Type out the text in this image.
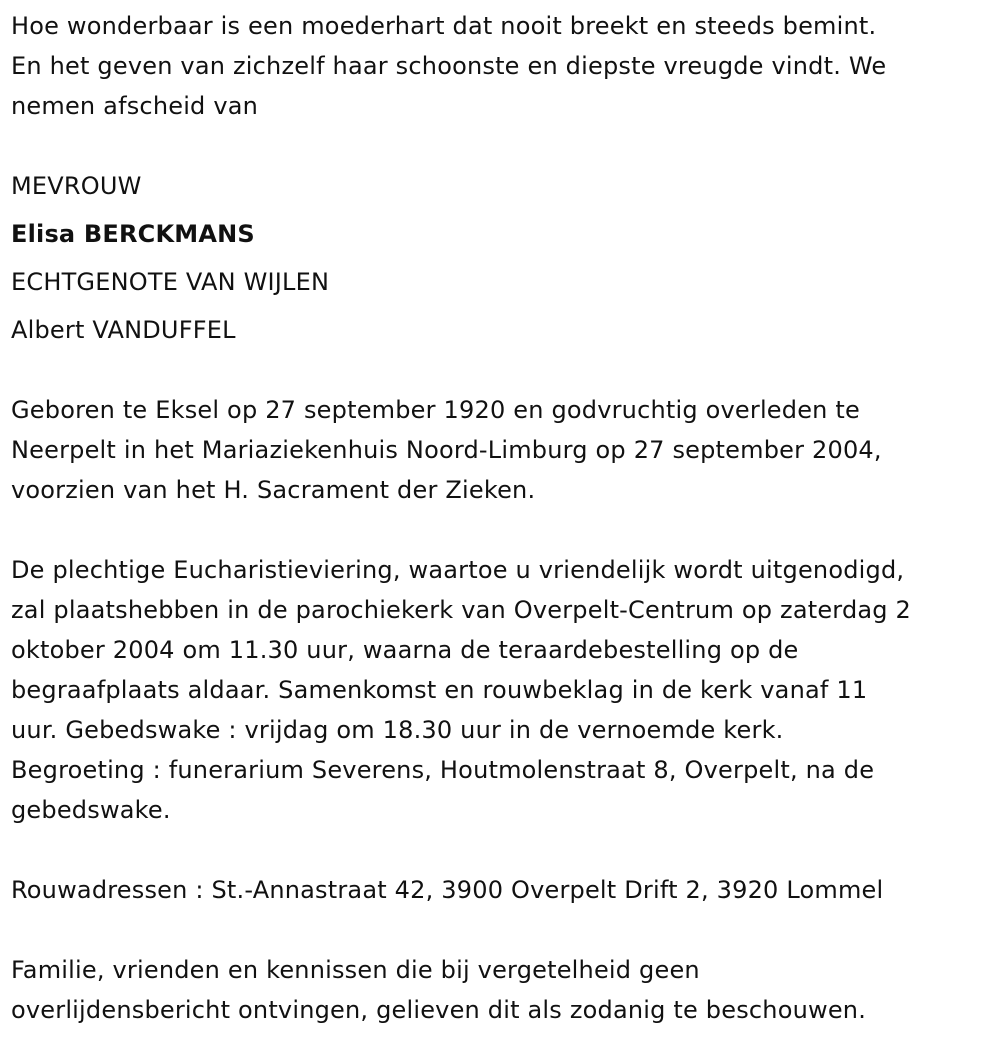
Hoe wonderbaar is een moederhart dat nooit breekt en steeds bemint.
En het geven van zichzelf haar schoonste en diepste vreugde vindt. We
nemen afscheid van
MEVROUW
Elisa BERCKMANS
ECHTGENOTE VAN WIJLEN
Albert VANDUFFEL
Geboren te Eksel op 27 september 1920 en godvruchtig overleden te
Neerpelt in het Mariaziekenhuis Noord-Limburg op 27 september 2004,
voorzien van het H. Sacrament der Zieken.
De plechtige Eucharistieviering, waartoe u vriendelijk wordt uitgenodigd,
zal plaatshebben in de parochiekerk van Overpelt-Centrum op zaterdag 2
oktober 2004 om 11.30 uur, waarna de teraardebestelling op de
begraafplaats aldaar. Samenkomst en rouwbeklag in de kerk vanaf 11
uur. Gebedswake : vrijdag om 18.30 uur in de vernoemde kerk.
Begroeting : funerarium Severens, Houtmolenstraat 8, Overpelt, na de
gebedswake.
Rouwadressen : St.-Annastraat 42, 3900 Overpelt Drift 2, 3920 Lommel
Familie, vrienden en kennissen die bij vergetelheid geen
overlijdensbericht ontvingen, gelieven dit als zodanig te beschouwen.
